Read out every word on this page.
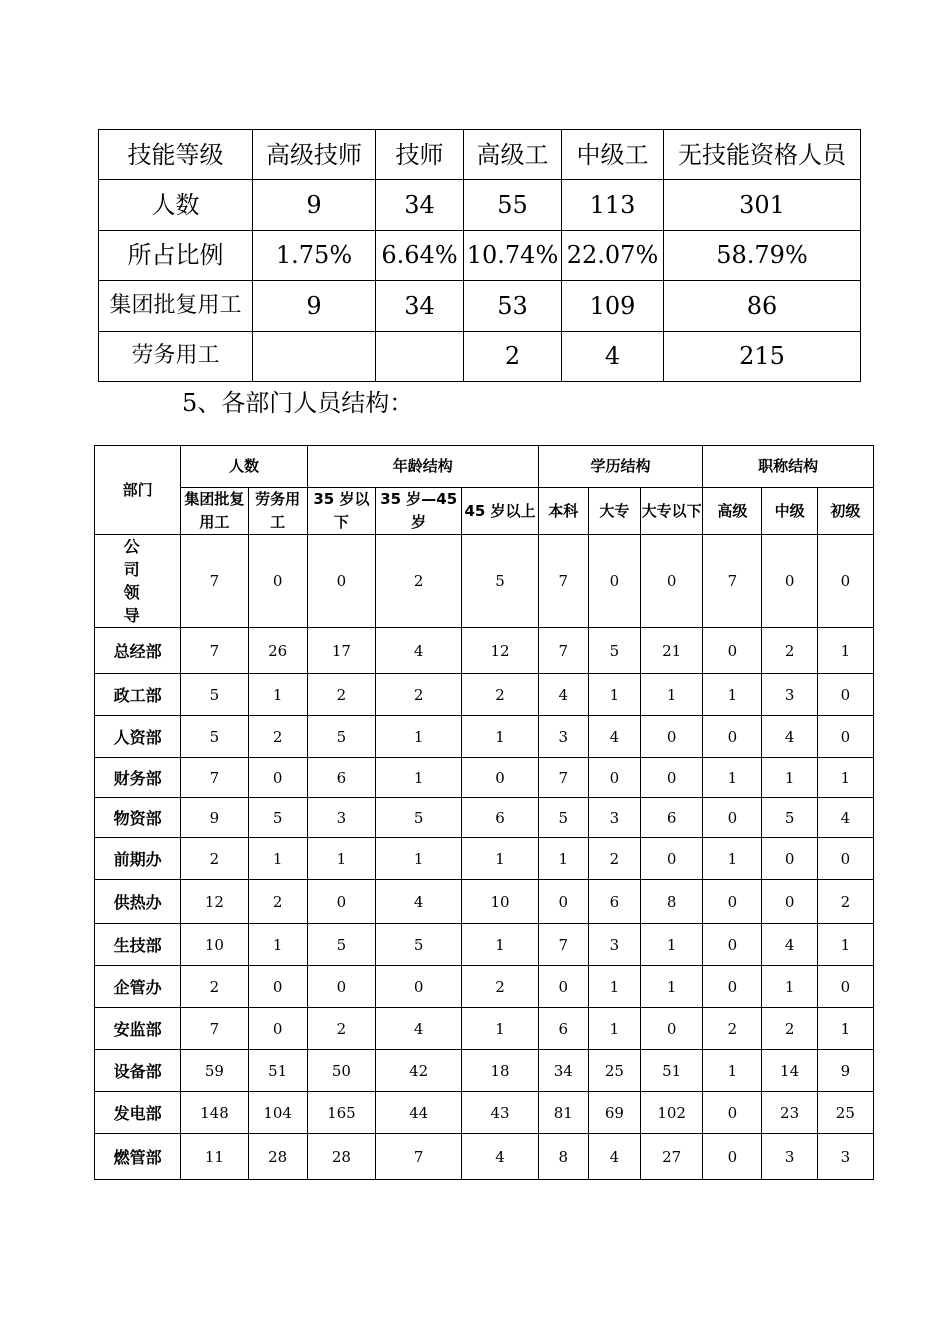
技能等级	高级技师	技师	高级工	中级工	无技能资格人员
人数	9	34	55	113	301
所占比例	1.75%	6.64%	10.74%	22.07%	58.79%
集团批复用工	9	34	53	109	86
劳务用工			2	4	215
5、各部门人员结构：
部门	人数		年龄结构			学历结构			职称结构		
	集团批复用工	劳务用工	35 岁以下	35 岁—45 岁	45 岁以上	本科	大专	大专以下	高级	中级	初级
公司领导	7	0	0	2	5	7	0	0	7	0	0
总经部	7	26	17	4	12	7	5	21	0	2	1
政工部	5	1	2	2	2	4	1	1	1	3	0
人资部	5	2	5	1	1	3	4	0	0	4	0
财务部	7	0	6	1	0	7	0	0	1	1	1
物资部	9	5	3	5	6	5	3	6	0	5	4
前期办	2	1	1	1	1	1	2	0	1	0	0
供热办	12	2	0	4	10	0	6	8	0	0	2
生技部	10	1	5	5	1	7	3	1	0	4	1
企管办	2	0	0	0	2	0	1	1	0	1	0
安监部	7	0	2	4	1	6	1	0	2	2	1
设备部	59	51	50	42	18	34	25	51	1	14	9
发电部	148	104	165	44	43	81	69	102	0	23	25
燃管部	11	28	28	7	4	8	4	27	0	3	3
